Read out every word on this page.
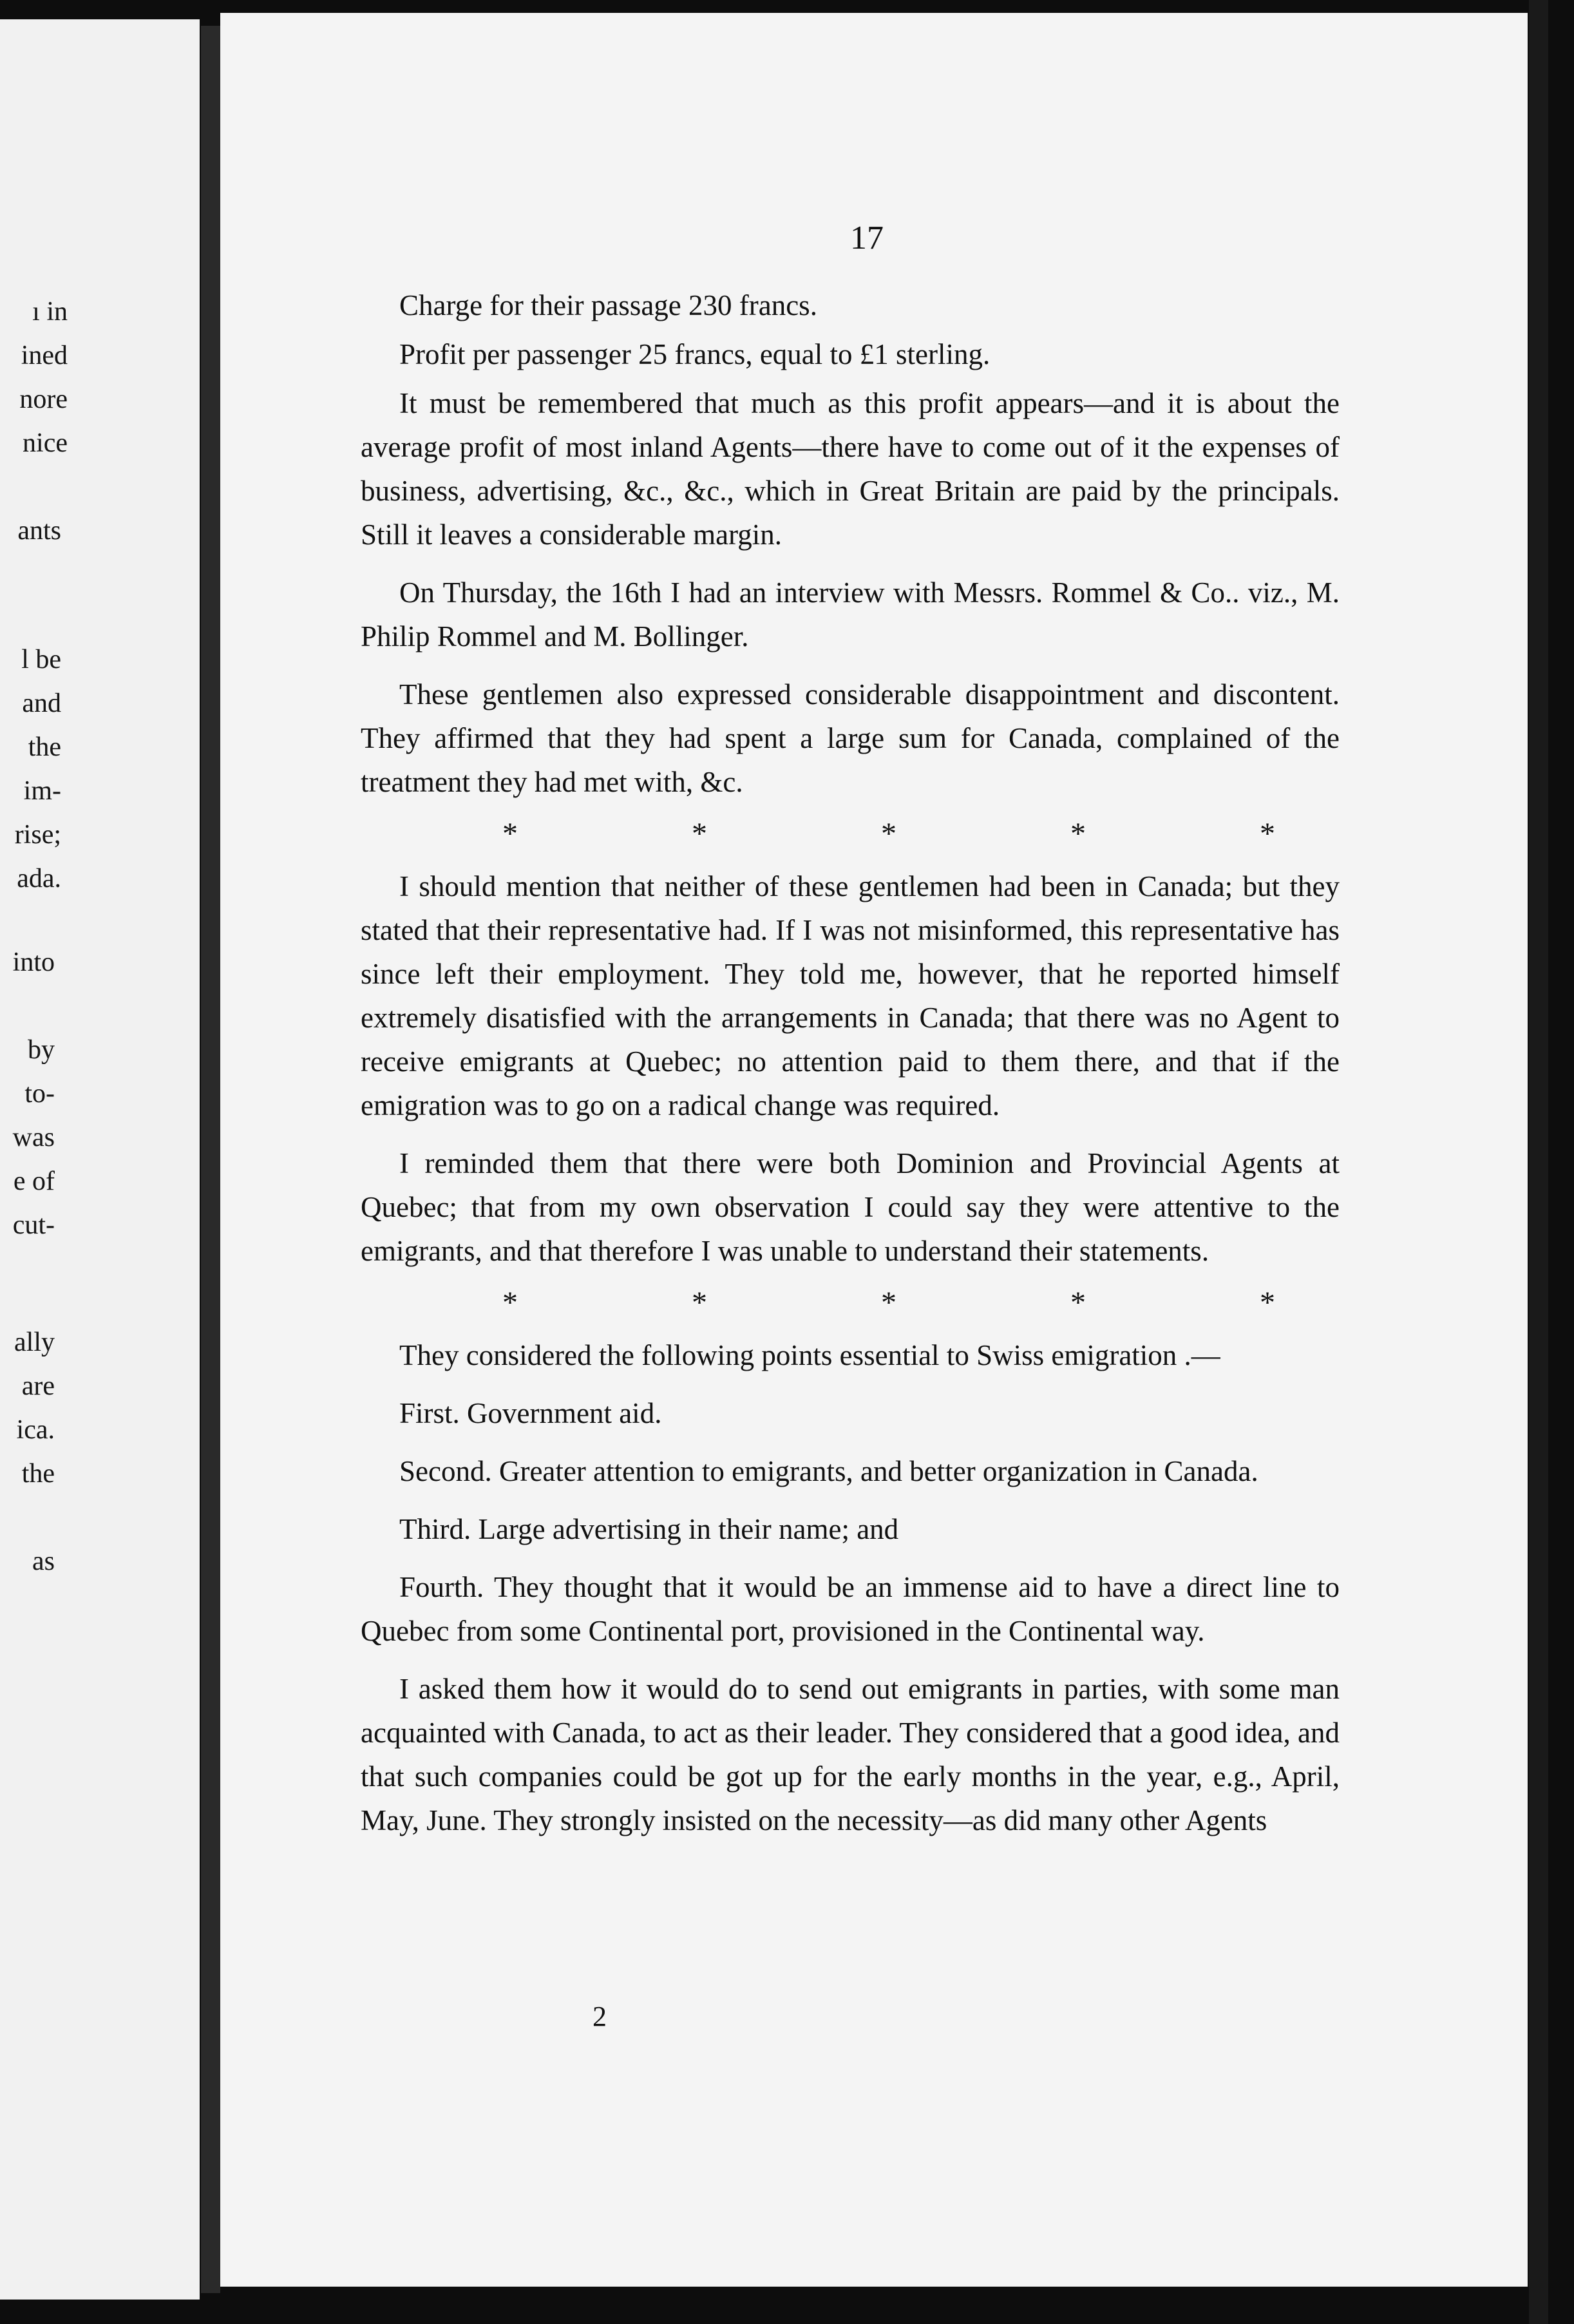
ı in
ined
nore
nice
ants
l be
and
the
im-
rise;
ada.
into
by
to-
was
e of
cut-
ally
are
ica.
the
as
17

Charge for their passage 230 francs.

Profit per passenger 25 francs, equal to £1 sterling.

It must be remembered that much as this profit appears—and it is about the average profit of most inland Agents—there have to come out of it the expenses of business, advertising, &c., &c., which in Great Britain are paid by the principals. Still it leaves a considerable margin.

On Thursday, the 16th I had an interview with Messrs. Rommel & Co.. viz., M. Philip Rommel and M. Bollinger.

These gentlemen also expressed considerable disappointment and discontent. They affirmed that they had spent a large sum for Canada, complained of the treatment they had met with, &c.

*	*	*	*	*

I should mention that neither of these gentlemen had been in Canada; but they stated that their representative had. If I was not misinformed, this representative has since left their employment. They told me, however, that he reported himself extremely disatisfied with the arrangements in Canada; that there was no Agent to receive emigrants at Quebec; no attention paid to them there, and that if the emigration was to go on a radical change was required.

I reminded them that there were both Dominion and Provincial Agents at Quebec; that from my own observation I could say they were attentive to the emigrants, and that therefore I was unable to understand their statements.

*	*	*	*	*

They considered the following points essential to Swiss emigration .—

First. Government aid.

Second. Greater attention to emigrants, and better organization in Canada.

Third. Large advertising in their name; and

Fourth. They thought that it would be an immense aid to have a direct line to Quebec from some Continental port, provisioned in the Continental way.

I asked them how it would do to send out emigrants in parties, with some man acquainted with Canada, to act as their leader. They considered that a good idea, and that such companies could be got up for the early months in the year, e.g., April, May, June. They strongly insisted on the necessity—as did many other Agents

2
